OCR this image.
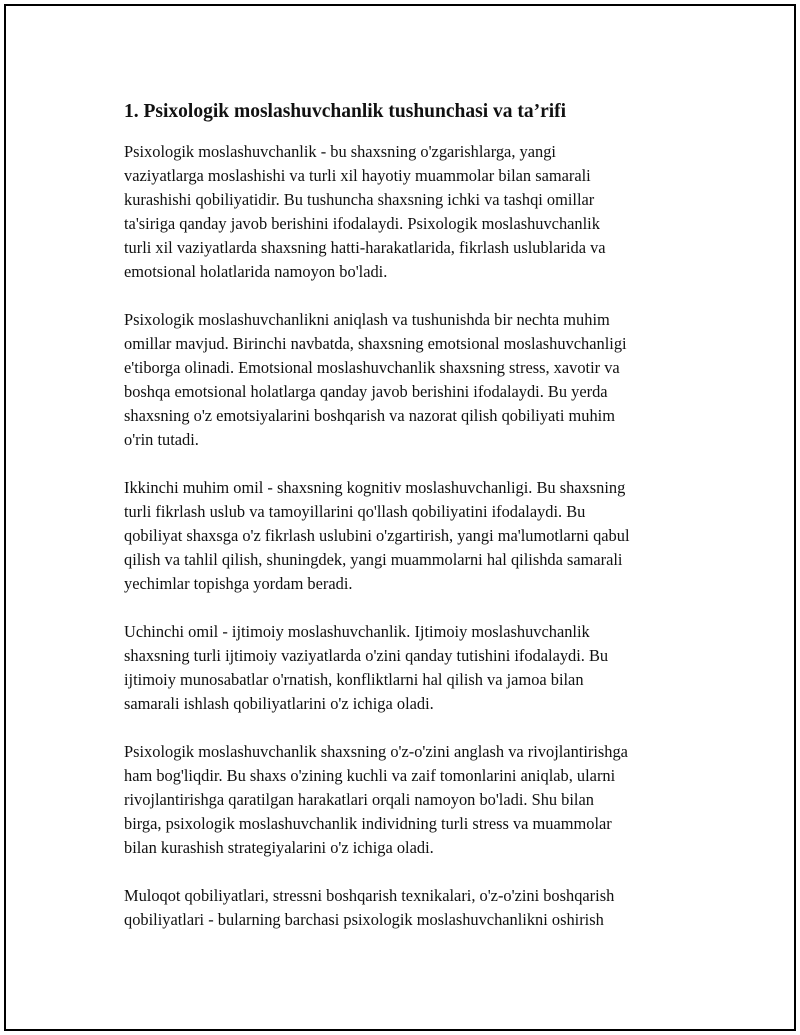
1. Psixologik moslashuvchanlik tushunchasi va ta’rifi

Psixologik moslashuvchanlik - bu shaxsning o'zgarishlarga, yangi
vaziyatlarga moslashishi va turli xil hayotiy muammolar bilan samarali
kurashishi qobiliyatidir. Bu tushuncha shaxsning ichki va tashqi omillar
ta'siriga qanday javob berishini ifodalaydi. Psixologik moslashuvchanlik
turli xil vaziyatlarda shaxsning hatti-harakatlarida, fikrlash uslublarida va
emotsional holatlarida namoyon bo'ladi.

Psixologik moslashuvchanlikni aniqlash va tushunishda bir nechta muhim
omillar mavjud. Birinchi navbatda, shaxsning emotsional moslashuvchanligi
e'tiborga olinadi. Emotsional moslashuvchanlik shaxsning stress, xavotir va
boshqa emotsional holatlarga qanday javob berishini ifodalaydi. Bu yerda
shaxsning o'z emotsiyalarini boshqarish va nazorat qilish qobiliyati muhim
o'rin tutadi.

Ikkinchi muhim omil - shaxsning kognitiv moslashuvchanligi. Bu shaxsning
turli fikrlash uslub va tamoyillarini qo'llash qobiliyatini ifodalaydi. Bu
qobiliyat shaxsga o'z fikrlash uslubini o'zgartirish, yangi ma'lumotlarni qabul
qilish va tahlil qilish, shuningdek, yangi muammolarni hal qilishda samarali
yechimlar topishga yordam beradi.

Uchinchi omil - ijtimoiy moslashuvchanlik. Ijtimoiy moslashuvchanlik
shaxsning turli ijtimoiy vaziyatlarda o'zini qanday tutishini ifodalaydi. Bu
ijtimoiy munosabatlar o'rnatish, konfliktlarni hal qilish va jamoa bilan
samarali ishlash qobiliyatlarini o'z ichiga oladi.

Psixologik moslashuvchanlik shaxsning o'z-o'zini anglash va rivojlantirishga
ham bog'liqdir. Bu shaxs o'zining kuchli va zaif tomonlarini aniqlab, ularni
rivojlantirishga qaratilgan harakatlari orqali namoyon bo'ladi. Shu bilan
birga, psixologik moslashuvchanlik individning turli stress va muammolar
bilan kurashish strategiyalarini o'z ichiga oladi.

Muloqot qobiliyatlari, stressni boshqarish texnikalari, o'z-o'zini boshqarish
qobiliyatlari - bularning barchasi psixologik moslashuvchanlikni oshirish
